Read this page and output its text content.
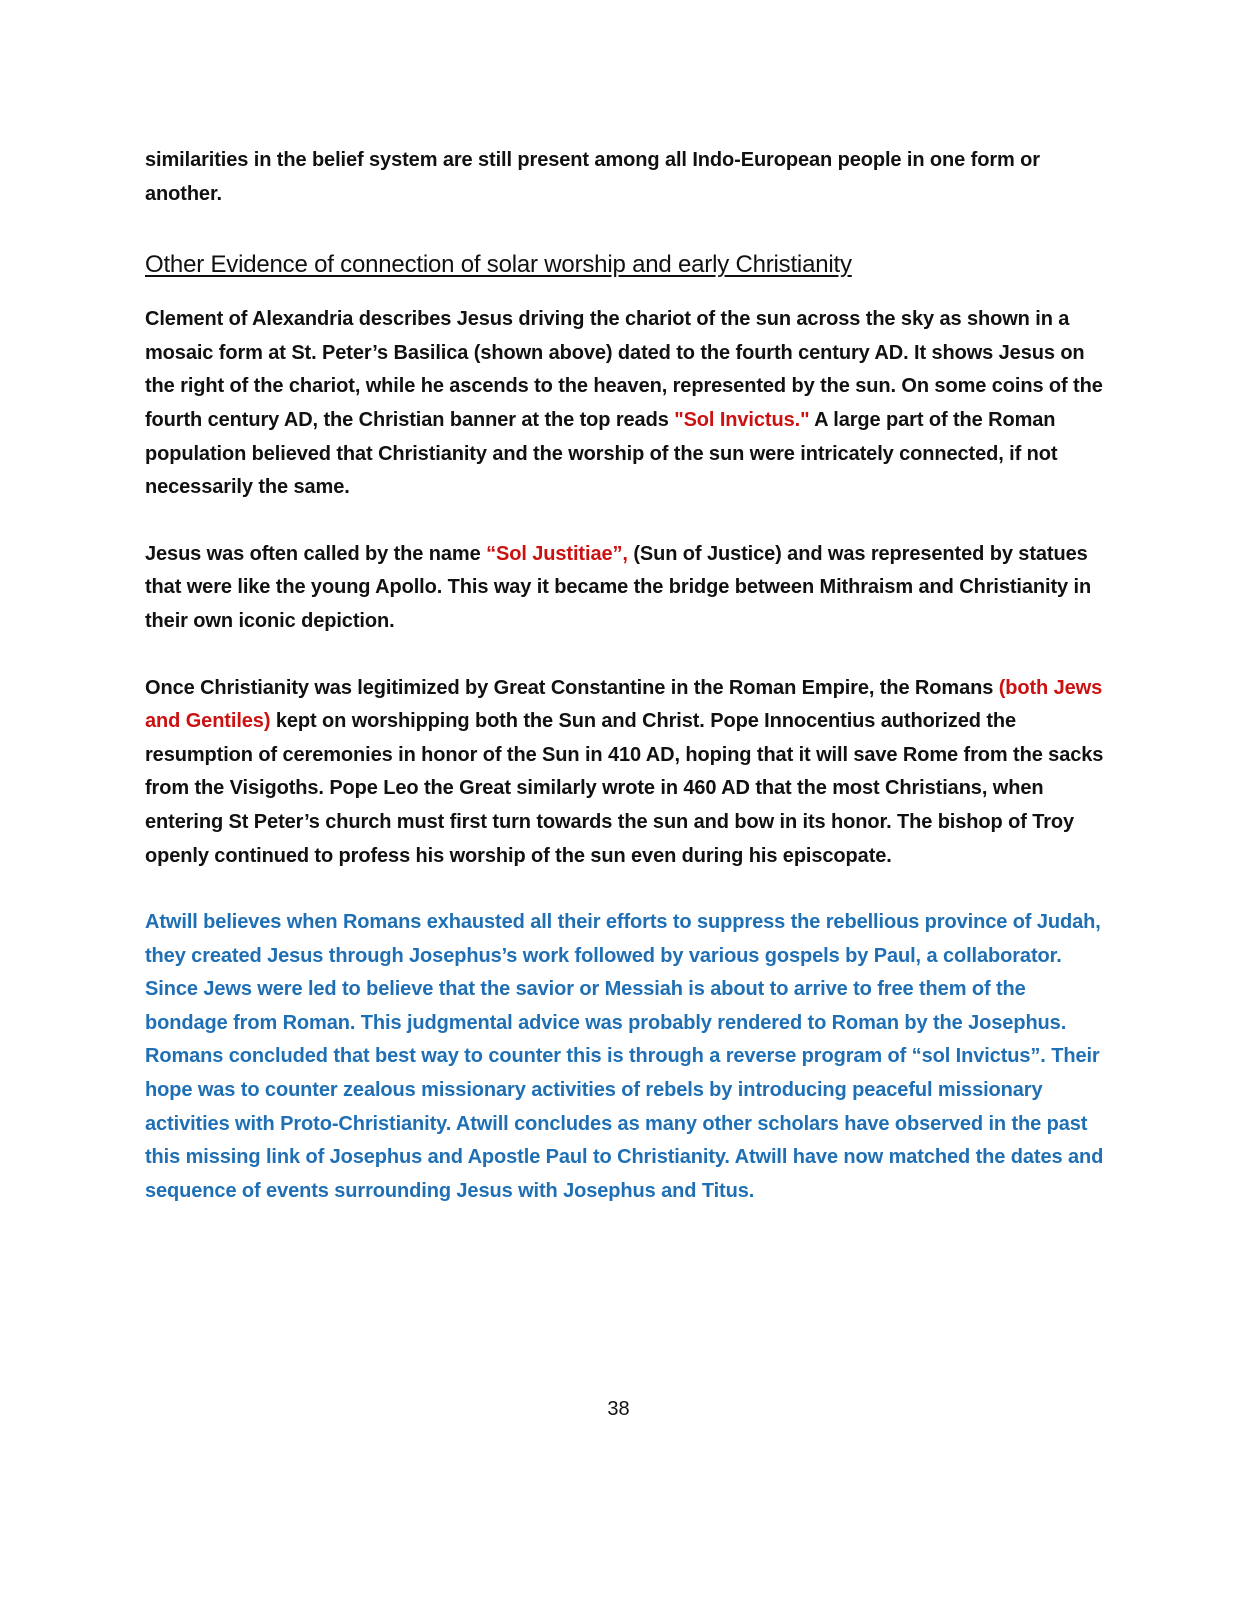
similarities in the belief system are still present among all Indo-European people in one form or another.

Other Evidence of connection of solar worship and early Christianity

Clement of Alexandria describes Jesus driving the chariot of the sun across the sky as shown in a mosaic form at St. Peter’s Basilica (shown above) dated to the fourth century AD. It shows Jesus on the right of the chariot, while he ascends to the heaven, represented by the sun. On some coins of the fourth century AD, the Christian banner at the top reads "Sol Invictus." A large part of the Roman population believed that Christianity and the worship of the sun were intricately connected, if not necessarily the same.

Jesus was often called by the name “Sol Justitiae”, (Sun of Justice) and was represented by statues that were like the young Apollo. This way it became the bridge between Mithraism and Christianity in their own iconic depiction.

Once Christianity was legitimized by Great Constantine in the Roman Empire, the Romans (both Jews and Gentiles) kept on worshipping both the Sun and Christ. Pope Innocentius authorized the resumption of ceremonies in honor of the Sun in 410 AD, hoping that it will save Rome from the sacks from the Visigoths. Pope Leo the Great similarly wrote in 460 AD that the most Christians, when entering St Peter’s church must first turn towards the sun and bow in its honor. The bishop of Troy openly continued to profess his worship of the sun even during his episcopate.

Atwill believes when Romans exhausted all their efforts to suppress the rebellious province of Judah, they created Jesus through Josephus’s work followed by various gospels by Paul, a collaborator. Since Jews were led to believe that the savior or Messiah is about to arrive to free them of the bondage from Roman. This judgmental advice was probably rendered to Roman by the Josephus. Romans concluded that best way to counter this is through a reverse program of “sol Invictus”. Their hope was to counter zealous missionary activities of rebels by introducing peaceful missionary activities with Proto-Christianity. Atwill concludes as many other scholars have observed in the past this missing link of Josephus and Apostle Paul to Christianity. Atwill have now matched the dates and sequence of events surrounding Jesus with Josephus and Titus.

38
